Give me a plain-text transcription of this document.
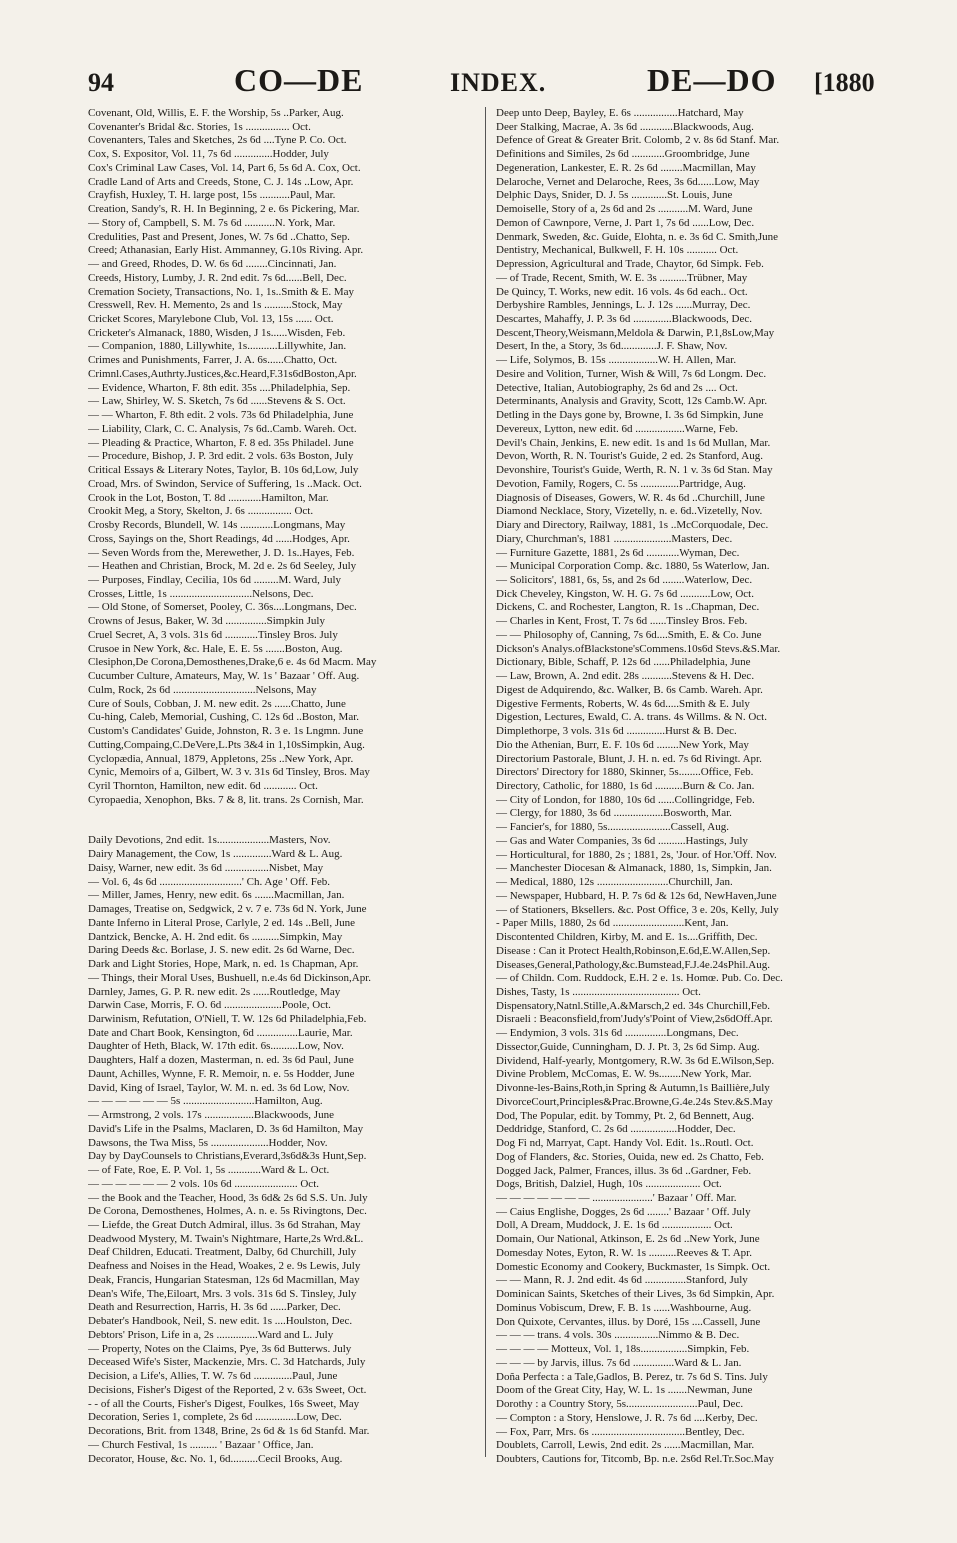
94	CO—DE	INDEX.	DE—DO [1880
Covenant, Old, Willis, E. F. the Worship, 5s ..Parker, Aug.
Covenanter's Bridal &c. Stories, 1s ................ Oct.
Covenanters, Tales and Sketches, 2s 6d ....Tyne P. Co. Oct.
Cox, S. Expositor, Vol. 11, 7s 6d ..............Hodder, July
Cox's Criminal Law Cases, Vol. 14, Part 6, 5s 6d A. Cox, Oct.
Cradle Land of Arts and Creeds, Stone, C. J. 14s ..Low, Apr.
Crayfish, Huxley, T. H. large post, 15s ...........Paul, Mar.
Creation, Sandy's, R. H. In Beginning, 2 e. 6s Pickering, Mar.
— Story of, Campbell, S. M. 7s 6d ...........N. York, Mar.
Credulities, Past and Present, Jones, W. 7s 6d ..Chatto, Sep.
Creed; Athanasian, Early Hist. Ammanney, G.10s Riving. Apr.
— and Greed, Rhodes, D. W. 6s 6d ........Cincinnati, Jan.
Creeds, History, Lumby, J. R. 2nd edit. 7s 6d......Bell, Dec.
Cremation Society, Transactions, No. 1, 1s..Smith & E. May
Cresswell, Rev. H. Memento, 2s and 1s ..........Stock, May
Cricket Scores, Marylebone Club, Vol. 13, 15s ...... Oct.
Cricketer's Almanack, 1880, Wisden, J 1s......Wisden, Feb.
— Companion, 1880, Lillywhite, 1s...........Lillywhite, Jan.
Crimes and Punishments, Farrer, J. A. 6s......Chatto, Oct.
Crimnl.Cases,Authrty.Justices,&c.Heard,F.31s6dBoston,Apr.
— Evidence, Wharton, F. 8th edit. 35s ....Philadelphia, Sep.
— Law, Shirley, W. S. Sketch, 7s 6d ......Stevens & S. Oct.
— — Wharton, F. 8th edit. 2 vols. 73s 6d Philadelphia, June
— Liability, Clark, C. C. Analysis, 7s 6d..Camb. Wareh. Oct.
— Pleading & Practice, Wharton, F. 8 ed. 35s Philadel. June
— Procedure, Bishop, J. P. 3rd edit. 2 vols. 63s Boston, July
Critical Essays & Literary Notes, Taylor, B. 10s 6d,Low, July
Croad, Mrs. of Swindon, Service of Suffering, 1s ..Mack. Oct.
Crook in the Lot, Boston, T. 8d ............Hamilton, Mar.
Crookit Meg, a Story, Skelton, J. 6s ................ Oct.
Crosby Records, Blundell, W. 14s ............Longmans, May
Cross, Sayings on the, Short Readings, 4d ......Hodges, Apr.
— Seven Words from the, Merewether, J. D. 1s..Hayes, Feb.
— Heathen and Christian, Brock, M. 2d e. 2s 6d Seeley, July
— Purposes, Findlay, Cecilia, 10s 6d .........M. Ward, July
Crosses, Little, 1s ..............................Nelsons, Dec.
— Old Stone, of Somerset, Pooley, C. 36s....Longmans, Dec.
Crowns of Jesus, Baker, W. 3d ...............Simpkin July
Cruel Secret, A, 3 vols. 31s 6d ............Tinsley Bros. July
Crusoe in New York, &c. Hale, E. E. 5s .......Boston, Aug.
Clesiphon,De Corona,Demosthenes,Drake,6 e. 4s 6d Macm. May
Cucumber Culture, Amateurs, May, W. 1s ' Bazaar ' Off. Aug.
Culm, Rock, 2s 6d ..............................Nelsons, May
Cure of Souls, Cobban, J. M. new edit. 2s ......Chatto, June
Cu-hing, Caleb, Memorial, Cushing, C. 12s 6d ..Boston, Mar.
Custom's Candidates' Guide, Johnston, R. 3 e. 1s Lngmn. June
Cutting,Compaing,C.DeVere,L.Pts 3&4 in 1,10sSimpkin, Aug.
Cyclopædia, Annual, 1879, Appletons, 25s ..New York, Apr.
Cynic, Memoirs of a, Gilbert, W. 3 v. 31s 6d Tinsley, Bros. May
Cyril Thornton, Hamilton, new edit. 6d ............ Oct.
Cyropaedia, Xenophon, Bks. 7 & 8, lit. trans. 2s Cornish, Mar.
Daily Devotions, 2nd edit. 1s...................Masters, Nov.
Dairy Management, the Cow, 1s ..............Ward & L. Aug.
Daisy, Warner, new edit. 3s 6d ................Nisbet, May
— Vol. 6, 4s 6d ..............................' Ch. Age ' Off. Feb.
— Miller, James, Henry, new edit. 6s .......Macmillan, Jan.
Damages, Treatise on, Sedgwick, 2 v. 7 e. 73s 6d N. York, June
Dante Inferno in Literal Prose, Carlyle, 2 ed. 14s ..Bell, June
Dantzick, Bencke, A. H. 2nd edit. 6s ..........Simpkin, May
Daring Deeds &c. Borlase, J. S. new edit. 2s 6d Warne, Dec.
Dark and Light Stories, Hope, Mark, n. ed. 1s Chapman, Apr.
— Things, their Moral Uses, Bushuell, n.e.4s 6d Dickinson,Apr.
Darnley, James, G. P. R. new edit. 2s ......Routledge, May
Darwin Case, Morris, F. O. 6d .....................Poole, Oct.
Darwinism, Refutation, O'Niell, T. W. 12s 6d Philadelphia,Feb.
Date and Chart Book, Kensington, 6d ...............Laurie, Mar.
Daughter of Heth, Black, W. 17th edit. 6s..........Low, Nov.
Daughters, Half a dozen, Masterman, n. ed. 3s 6d Paul, June
Daunt, Achilles, Wynne, F. R. Memoir, n. e. 5s Hodder, June
David, King of Israel, Taylor, W. M. n. ed. 3s 6d Low, Nov.
— — — — — — 5s ..........................Hamilton, Aug.
— Armstrong, 2 vols. 17s ..................Blackwoods, June
David's Life in the Psalms, Maclaren, D. 3s 6d Hamilton, May
Dawsons, the Twa Miss, 5s .....................Hodder, Nov.
Day by DayCounsels to Christians,Everard,3s6d&3s Hunt,Sep.
— of Fate, Roe, E. P. Vol. 1, 5s ............Ward & L. Oct.
— — — — — — 2 vols. 10s 6d ....................... Oct.
— the Book and the Teacher, Hood, 3s 6d& 2s 6d S.S. Un. July
De Corona, Demosthenes, Holmes, A. n. e. 5s Rivingtons, Dec.
— Liefde, the Great Dutch Admiral, illus. 3s 6d Strahan, May
Deadwood Mystery, M. Twain's Nightmare, Harte,2s Wrd.&L.
Deaf Children, Educati. Treatment, Dalby, 6d Churchill, July
Deafness and Noises in the Head, Woakes, 2 e. 9s Lewis, July
Deak, Francis, Hungarian Statesman, 12s 6d Macmillan, May
Dean's Wife, The,Eiloart, Mrs. 3 vols. 31s 6d S. Tinsley, July
Death and Resurrection, Harris, H. 3s 6d ......Parker, Dec.
Debater's Handbook, Neil, S. new edit. 1s ....Houlston, Dec.
Debtors' Prison, Life in a, 2s ...............Ward and L. July
— Property, Notes on the Claims, Pye, 3s 6d Butterws. July
Deceased Wife's Sister, Mackenzie, Mrs. C. 3d Hatchards, July
Decision, a Life's, Allies, T. W. 7s 6d ..............Paul, June
Decisions, Fisher's Digest of the Reported, 2 v. 63s Sweet, Oct.
- - of all the Courts, Fisher's Digest, Foulkes, 16s Sweet, May
Decoration, Series 1, complete, 2s 6d ...............Low, Dec.
Decorations, Brit. from 1348, Brine, 2s 6d & 1s 6d Stanfd. Mar.
— Church Festival, 1s .......... ' Bazaar ' Office, Jan.
Decorator, House, &c. No. 1, 6d..........Cecil Brooks, Aug.
Deep unto Deep, Bayley, E. 6s ................Hatchard, May
Deer Stalking, Macrae, A. 3s 6d ............Blackwoods, Aug.
Defence of Great & Greater Brit. Colomb, 2 v. 8s 6d Stanf. Mar.
Definitions and Similes, 2s 6d ............Groombridge, June
Degeneration, Lankester, E. R. 2s 6d ........Macmillan, May
Delaroche, Vernet and Delaroche, Rees, 3s 6d......Low, May
Delphic Days, Snider, D. J. 5s .............St. Louis, June
Demoiselle, Story of a, 2s 6d and 2s ...........M. Ward, June
Demon of Cawnpore, Verne, J. Part 1, 7s 6d ......Low, Dec.
Denmark, Sweden, &c. Guide, Elohta, n. e. 3s 6d C. Smith,June
Dentistry, Mechanical, Bulkwell, F. H. 10s ........... Oct.
Depression, Agricultural and Trade, Chaytor, 6d Simpk. Feb.
— of Trade, Recent, Smith, W. E. 3s ..........Trübner, May
De Quincy, T. Works, new edit. 16 vols. 4s 6d each.. Oct.
Derbyshire Rambles, Jennings, L. J. 12s ......Murray, Dec.
Descartes, Mahaffy, J. P. 3s 6d ..............Blackwoods, Dec.
Descent,Theory,Weismann,Meldola & Darwin, P.1,8sLow,May
Desert, In the, a Story, 3s 6d.............J. F. Shaw, Nov.
— Life, Solymos, B. 15s ..................W. H. Allen, Mar.
Desire and Volition, Turner, Wish & Will, 7s 6d Longm. Dec.
Detective, Italian, Autobiography, 2s 6d and 2s .... Oct.
Determinants, Analysis and Gravity, Scott, 12s Camb.W. Apr.
Detling in the Days gone by, Browne, I. 3s 6d Simpkin, June
Devereux, Lytton, new edit. 6d ..................Warne, Feb.
Devil's Chain, Jenkins, E. new edit. 1s and 1s 6d Mullan, Mar.
Devon, Worth, R. N. Tourist's Guide, 2 ed. 2s Stanford, Aug.
Devonshire, Tourist's Guide, Werth, R. N. 1 v. 3s 6d Stan. May
Devotion, Family, Rogers, C. 5s ..............Partridge, Aug.
Diagnosis of Diseases, Gowers, W. R. 4s 6d ..Churchill, June
Diamond Necklace, Story, Vizetelly, n. e. 6d..Vizetelly, Nov.
Diary and Directory, Railway, 1881, 1s ..McCorquodale, Dec.
Diary, Churchman's, 1881 .....................Masters, Dec.
— Furniture Gazette, 1881, 2s 6d ............Wyman, Dec.
— Municipal Corporation Comp. &c. 1880, 5s Waterlow, Jan.
— Solicitors', 1881, 6s, 5s, and 2s 6d ........Waterlow, Dec.
Dick Cheveley, Kingston, W. H. G. 7s 6d ...........Low, Oct.
Dickens, C. and Rochester, Langton, R. 1s ..Chapman, Dec.
— Charles in Kent, Frost, T. 7s 6d ......Tinsley Bros. Feb.
— — Philosophy of, Canning, 7s 6d....Smith, E. & Co. June
Dickson's Analys.ofBlackstone'sCommens.10s6d Stevs.&S.Mar.
Dictionary, Bible, Schaff, P. 12s 6d ......Philadelphia, June
— Law, Brown, A. 2nd edit. 28s ...........Stevens & H. Dec.
Digest de Adquirendo, &c. Walker, B. 6s Camb. Wareh. Apr.
Digestive Ferments, Roberts, W. 4s 6d.....Smith & E. July
Digestion, Lectures, Ewald, C. A. trans. 4s Willms. & N. Oct.
Dimplethorpe, 3 vols. 31s 6d ..............Hurst & B. Dec.
Dio the Athenian, Burr, E. F. 10s 6d ........New York, May
Directorium Pastorale, Blunt, J. H. n. ed. 7s 6d Rivingt. Apr.
Directors' Directory for 1880, Skinner, 5s........Office, Feb.
Directory, Catholic, for 1880, 1s 6d ..........Burn & Co. Jan.
— City of London, for 1880, 10s 6d ......Collingridge, Feb.
— Clergy, for 1880, 3s 6d ..................Bosworth, Mar.
— Fancier's, for 1880, 5s.......................Cassell, Aug.
— Gas and Water Companies, 3s 6d ..........Hastings, July
— Horticultural, for 1880, 2s ; 1881, 2s, 'Jour. of Hor.'Off. Nov.
— Manchester Diocesan & Almanack, 1880, 1s, Simpkin, Jan.
— Medical, 1880, 12s ..........................Churchill, Jan.
— Newspaper, Hubbard, H. P. 7s 6d & 12s 6d, NewHaven,June
— of Stationers, Bksellers. &c. Post Office, 3 e. 20s, Kelly, July
- Paper Mills, 1880, 2s 6d ..........................Kent, Jan.
Discontented Children, Kirby, M. and E. 1s....Griffith, Dec.
Disease : Can it Protect Health,Robinson,E.6d,E.W.Allen,Sep.
Diseases,General,Pathology,&c.Bumstead,F.J.4e.24sPhil.Aug.
— of Childn. Com. Ruddock, E.H. 2 e. 1s. Homœ. Pub. Co. Dec.
Dishes, Tasty, 1s ....................................... Oct.
Dispensatory,Natnl.Stille,A.&Marsch,2 ed. 34s Churchill,Feb.
Disraeli : Beaconsfield,from'Judy's'Point of View,2s6dOff.Apr.
— Endymion, 3 vols. 31s 6d ...............Longmans, Dec.
Dissector,Guide, Cunningham, D. J. Pt. 3, 2s 6d Simp. Aug.
Dividend, Half-yearly, Montgomery, R.W. 3s 6d E.Wilson,Sep.
Divine Problem, McComas, E. W. 9s........New York, Mar.
Divonne-les-Bains,Roth,in Spring & Autumn,1s Baillière,July
DivorceCourt,Principles&Prac.Browne,G.4e.24s Stev.&S.May
Dod, The Popular, edit. by Tommy, Pt. 2, 6d Bennett, Aug.
Deddridge, Stanford, C. 2s 6d .................Hodder, Dec.
Dog Fi nd, Marryat, Capt. Handy Vol. Edit. 1s..Routl. Oct.
Dog of Flanders, &c. Stories, Ouida, new ed. 2s Chatto, Feb.
Dogged Jack, Palmer, Frances, illus. 3s 6d ..Gardner, Feb.
Dogs, British, Dalziel, Hugh, 10s .................... Oct.
— — — — — — — ......................' Bazaar ' Off. Mar.
— Caius Englishe, Dogges, 2s 6d ........' Bazaar ' Off. July
Doll, A Dream, Muddock, J. E. 1s 6d .................. Oct.
Domain, Our National, Atkinson, E. 2s 6d ..New York, June
Domesday Notes, Eyton, R. W. 1s ..........Reeves & T. Apr.
Domestic Economy and Cookery, Buckmaster, 1s Simpk. Oct.
— — Mann, R. J. 2nd edit. 4s 6d ...............Stanford, July
Dominican Saints, Sketches of their Lives, 3s 6d Simpkin, Apr.
Dominus Vobiscum, Drew, F. B. 1s ......Washbourne, Aug.
Don Quixote, Cervantes, illus. by Doré, 15s ....Cassell, June
— — — trans. 4 vols. 30s ................Nimmo & B. Dec.
— — — — Motteux, Vol. 1, 18s.................Simpkin, Feb.
— — — by Jarvis, illus. 7s 6d ...............Ward & L. Jan.
Doña Perfecta : a Tale,Gadlos, B. Perez, tr. 7s 6d S. Tins. July
Doom of the Great City, Hay, W. L. 1s .......Newman, June
Dorothy : a Country Story, 5s..........................Paul, Dec.
— Compton : a Story, Henslowe, J. R. 7s 6d ....Kerby, Dec.
— Fox, Parr, Mrs. 6s ..................................Bentley, Dec.
Doublets, Carroll, Lewis, 2nd edit. 2s ......Macmillan, Mar.
Doubters, Cautions for, Titcomb, Bp. n.e. 2s6d Rel.Tr.Soc.May
